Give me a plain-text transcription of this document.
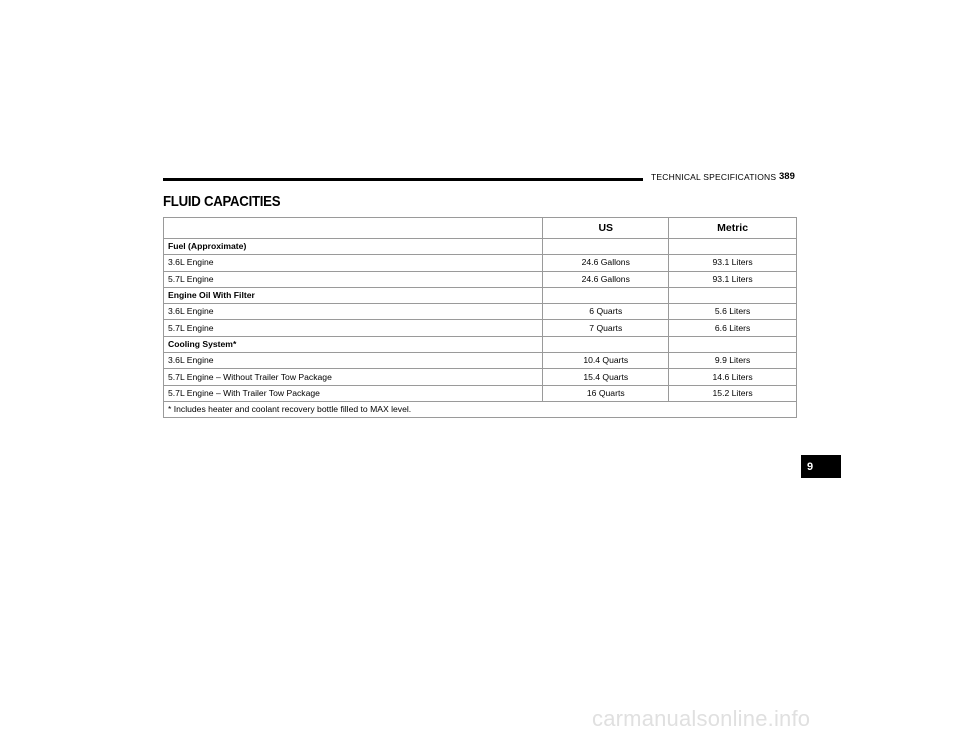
TECHNICAL SPECIFICATIONS 389
FLUID CAPACITIES
	US	Metric
Fuel (Approximate)		
3.6L Engine	24.6 Gallons	93.1 Liters
5.7L Engine	24.6 Gallons	93.1 Liters
Engine Oil With Filter		
3.6L Engine	6 Quarts	5.6 Liters
5.7L Engine	7 Quarts	6.6 Liters
Cooling System*		
3.6L Engine	10.4 Quarts	9.9 Liters
5.7L Engine – Without Trailer Tow Package	15.4 Quarts	14.6 Liters
5.7L Engine – With Trailer Tow Package	16 Quarts	15.2 Liters
* Includes heater and coolant recovery bottle filled to MAX level.		
9
carmanualsonline.info
